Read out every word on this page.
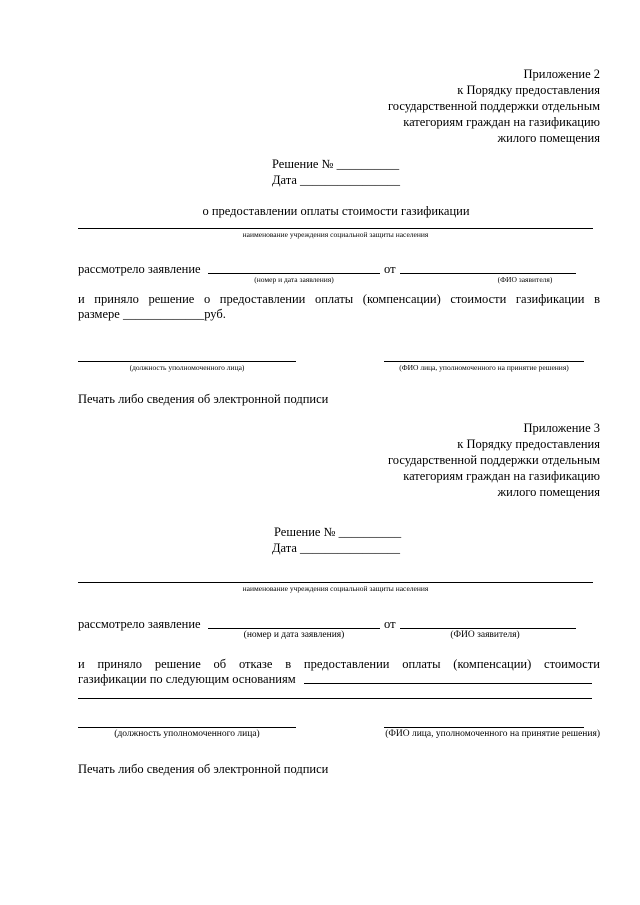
Приложение 2
к Порядку предоставления
государственной поддержки отдельным
категориям граждан на газификацию
жилого помещения
Решение № __________
Дата ________________
о предоставлении оплаты стоимости газификации
наименование учреждения социальной защиты населения
рассмотрело заявление	от
(номер и дата заявления)	(ФИО заявителя)
и приняло решение о предоставлении оплаты (компенсации) стоимости газификации в
размере _____________руб.
(должность уполномоченного лица)	(ФИО лица, уполномоченного на принятие решения)
Печать либо сведения об электронной подписи
Приложение 3
к Порядку предоставления
государственной поддержки отдельным
категориям граждан на газификацию
жилого помещения
Решение № __________
Дата ________________
наименование учреждения социальной защиты населения
рассмотрело заявление	от
(номер и дата заявления)	(ФИО заявителя)
и приняло решение об отказе в предоставлении оплаты (компенсации) стоимости
газификации по следующим основаниям
(должность уполномоченного лица)	(ФИО лица, уполномоченного на принятие решения)
Печать либо сведения об электронной подписи
